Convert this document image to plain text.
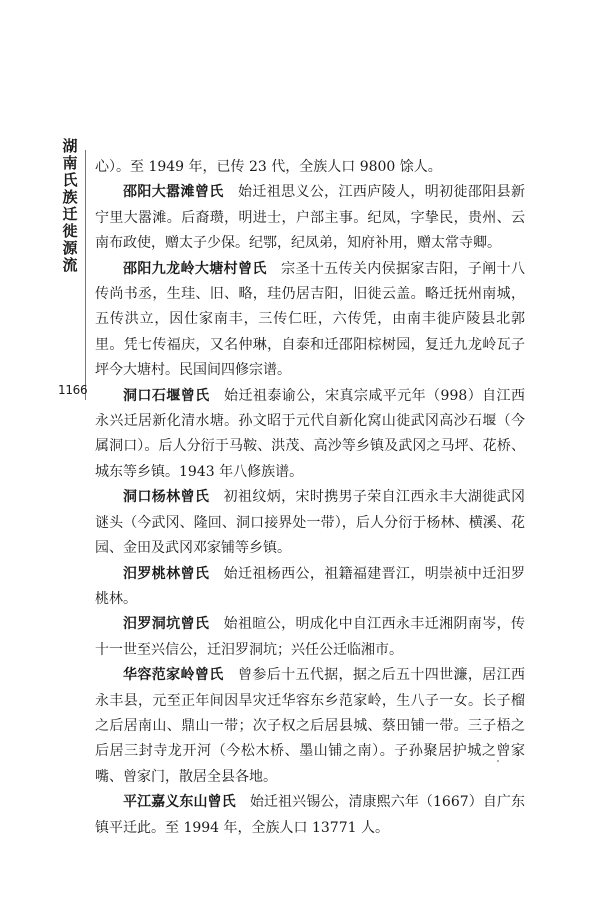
湖
南
氏
族
迁
徙
源
流
1166

心）。至 1949 年，已传 23 代，全族人口 9800 馀人。

邵阳大嚣滩曾氏　始迁祖思义公，江西庐陵人，明初徙邵阳县新宁里大嚣滩。后裔瓒，明进士，户部主事。纪凤，字挚民，贵州、云南布政使，赠太子少保。纪鄂，纪凤弟，知府补用，赠太常寺卿。

邵阳九龙岭大塘村曾氏　宗圣十五传关内侯据家吉阳，子阐十八传尚书丞，生珪、旧、略，珪仍居吉阳，旧徙云盖。略迁抚州南城，五传洪立，因仕家南丰，三传仁旺，六传凭，由南丰徙庐陵县北郭里。凭七传福庆，又名仲琳，自泰和迁邵阳棕树园，复迁九龙岭瓦子坪今大塘村。民国间四修宗谱。

洞口石堰曾氏　始迁祖泰谕公，宋真宗咸平元年（998）自江西永兴迁居新化清水塘。孙文昭于元代自新化窝山徙武冈高沙石堰（今属洞口）。后人分衍于马鞍、洪茂、高沙等乡镇及武冈之马坪、花桥、城东等乡镇。1943 年八修族谱。

洞口杨林曾氏　初祖纹炳，宋时携男子荣自江西永丰大湖徙武冈谜头（今武冈、隆回、洞口接界处一带），后人分衍于杨林、横溪、花园、金田及武冈邓家铺等乡镇。

汨罗桃林曾氏　始迁祖杨西公，祖籍福建晋江，明崇祯中迁汨罗桃林。

汨罗洞坑曾氏　始祖暄公，明成化中自江西永丰迁湘阴南岑，传十一世至兴信公，迁汨罗洞坑；兴任公迁临湘市。

华容范家岭曾氏　曾参后十五代据，据之后五十四世濂，居江西永丰县，元至正年间因旱灾迁华容东乡范家岭，生八子一女。长子榴之后居南山、鼎山一带；次子权之后居县城、蔡田铺一带。三子梧之后居三封寺龙开河（今松木桥、墨山铺之南）。子孙聚居护城之曾家嘴、曾家门，散居全县各地。

平江嘉义东山曾氏　始迁祖兴锡公，清康熙六年（1667）自广东镇平迁此。至 1994 年，全族人口 13771 人。
